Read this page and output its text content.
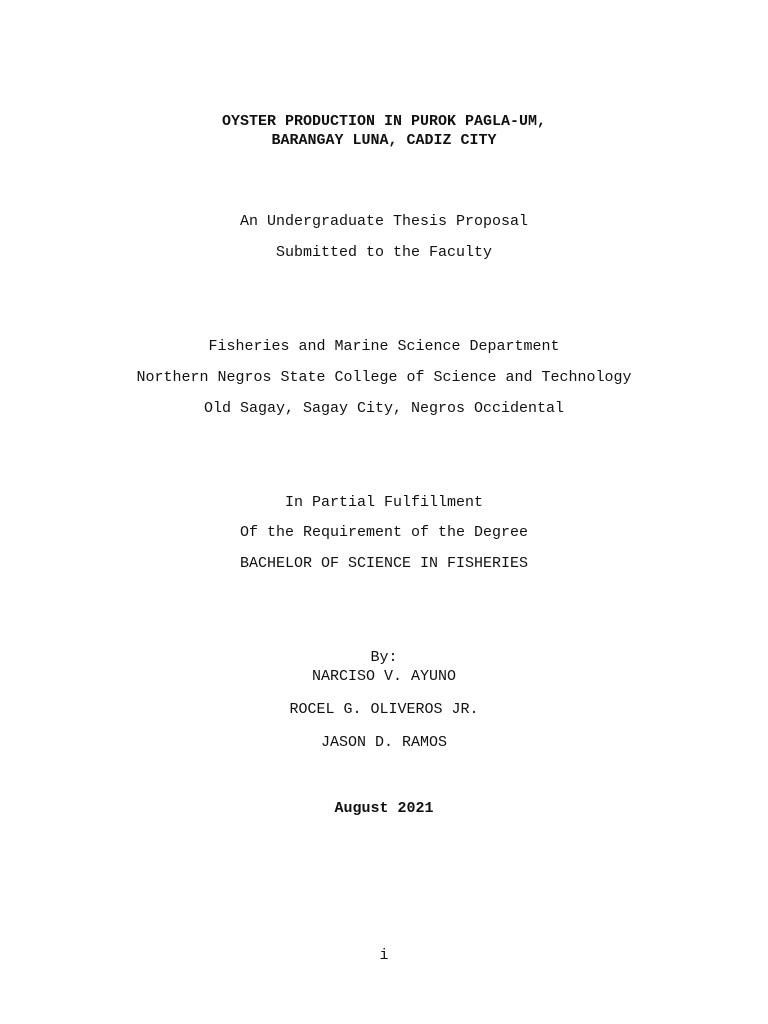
OYSTER PRODUCTION IN PUROK PAGLA-UM,

BARANGAY LUNA, CADIZ CITY

An Undergraduate Thesis Proposal

Submitted to the Faculty

Fisheries and Marine Science Department

Northern Negros State College of Science and Technology

Old Sagay, Sagay City, Negros Occidental

In Partial Fulfillment

Of the Requirement of the Degree

BACHELOR OF SCIENCE IN FISHERIES

By:

NARCISO V. AYUNO

ROCEL G. OLIVEROS JR.

JASON D. RAMOS

August 2021

i
